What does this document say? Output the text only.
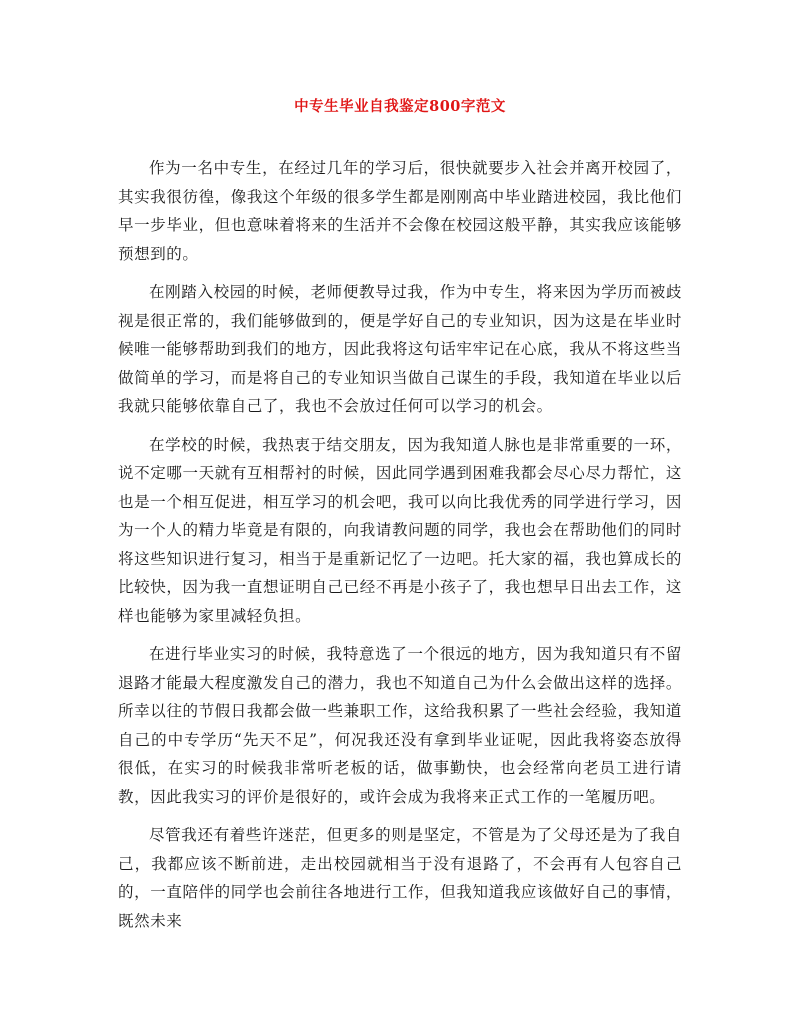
中专生毕业自我鉴定800字范文

作为一名中专生，在经过几年的学习后，很快就要步入社会并离开校园了，其实我很彷徨，像我这个年级的很多学生都是刚刚高中毕业踏进校园，我比他们早一步毕业，但也意味着将来的生活并不会像在校园这般平静，其实我应该能够预想到的。

在刚踏入校园的时候，老师便教导过我，作为中专生，将来因为学历而被歧视是很正常的，我们能够做到的，便是学好自己的专业知识，因为这是在毕业时候唯一能够帮助到我们的地方，因此我将这句话牢牢记在心底，我从不将这些当做简单的学习，而是将自己的专业知识当做自己谋生的手段，我知道在毕业以后我就只能够依靠自己了，我也不会放过任何可以学习的机会。

在学校的时候，我热衷于结交朋友，因为我知道人脉也是非常重要的一环，说不定哪一天就有互相帮衬的时候，因此同学遇到困难我都会尽心尽力帮忙，这也是一个相互促进，相互学习的机会吧，我可以向比我优秀的同学进行学习，因为一个人的精力毕竟是有限的，向我请教问题的同学，我也会在帮助他们的同时将这些知识进行复习，相当于是重新记忆了一边吧。托大家的福，我也算成长的比较快，因为我一直想证明自己已经不再是小孩子了，我也想早日出去工作，这样也能够为家里减轻负担。

在进行毕业实习的时候，我特意选了一个很远的地方，因为我知道只有不留退路才能最大程度激发自己的潜力，我也不知道自己为什么会做出这样的选择。所幸以往的节假日我都会做一些兼职工作，这给我积累了一些社会经验，我知道自己的中专学历“先天不足”，何况我还没有拿到毕业证呢，因此我将姿态放得很低，在实习的时候我非常听老板的话，做事勤快，也会经常向老员工进行请教，因此我实习的评价是很好的，或许会成为我将来正式工作的一笔履历吧。

尽管我还有着些许迷茫，但更多的则是坚定，不管是为了父母还是为了我自己，我都应该不断前进，走出校园就相当于没有退路了，不会再有人包容自己的，一直陪伴的同学也会前往各地进行工作，但我知道我应该做好自己的事情，既然未来
